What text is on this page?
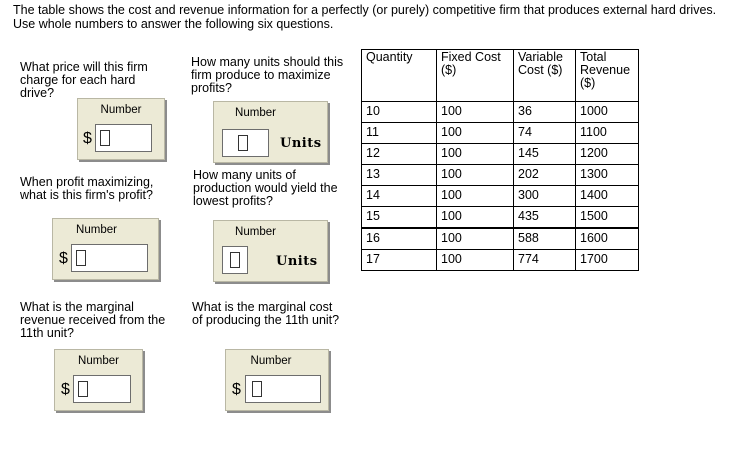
The table shows the cost and revenue information for a perfectly (or purely) competitive firm that produces external hard drives. Use whole numbers to answer the following six questions.
What price will this firm charge for each hard drive?
Number
$
How many units should this firm produce to maximize profits?
Number
Units
When profit maximizing, what is this firm's profit?
Number
$
How many units of production would yield the lowest profits?
Number
Units
What is the marginal revenue received from the 11th unit?
Number
$
What is the marginal cost of producing the 11th unit?
Number
$
Quantity	Fixed Cost ($)	Variable Cost ($)	Total Revenue ($)
10	100	36	1000
11	100	74	1100
12	100	145	1200
13	100	202	1300
14	100	300	1400
15	100	435	1500
16	100	588	1600
17	100	774	1700
